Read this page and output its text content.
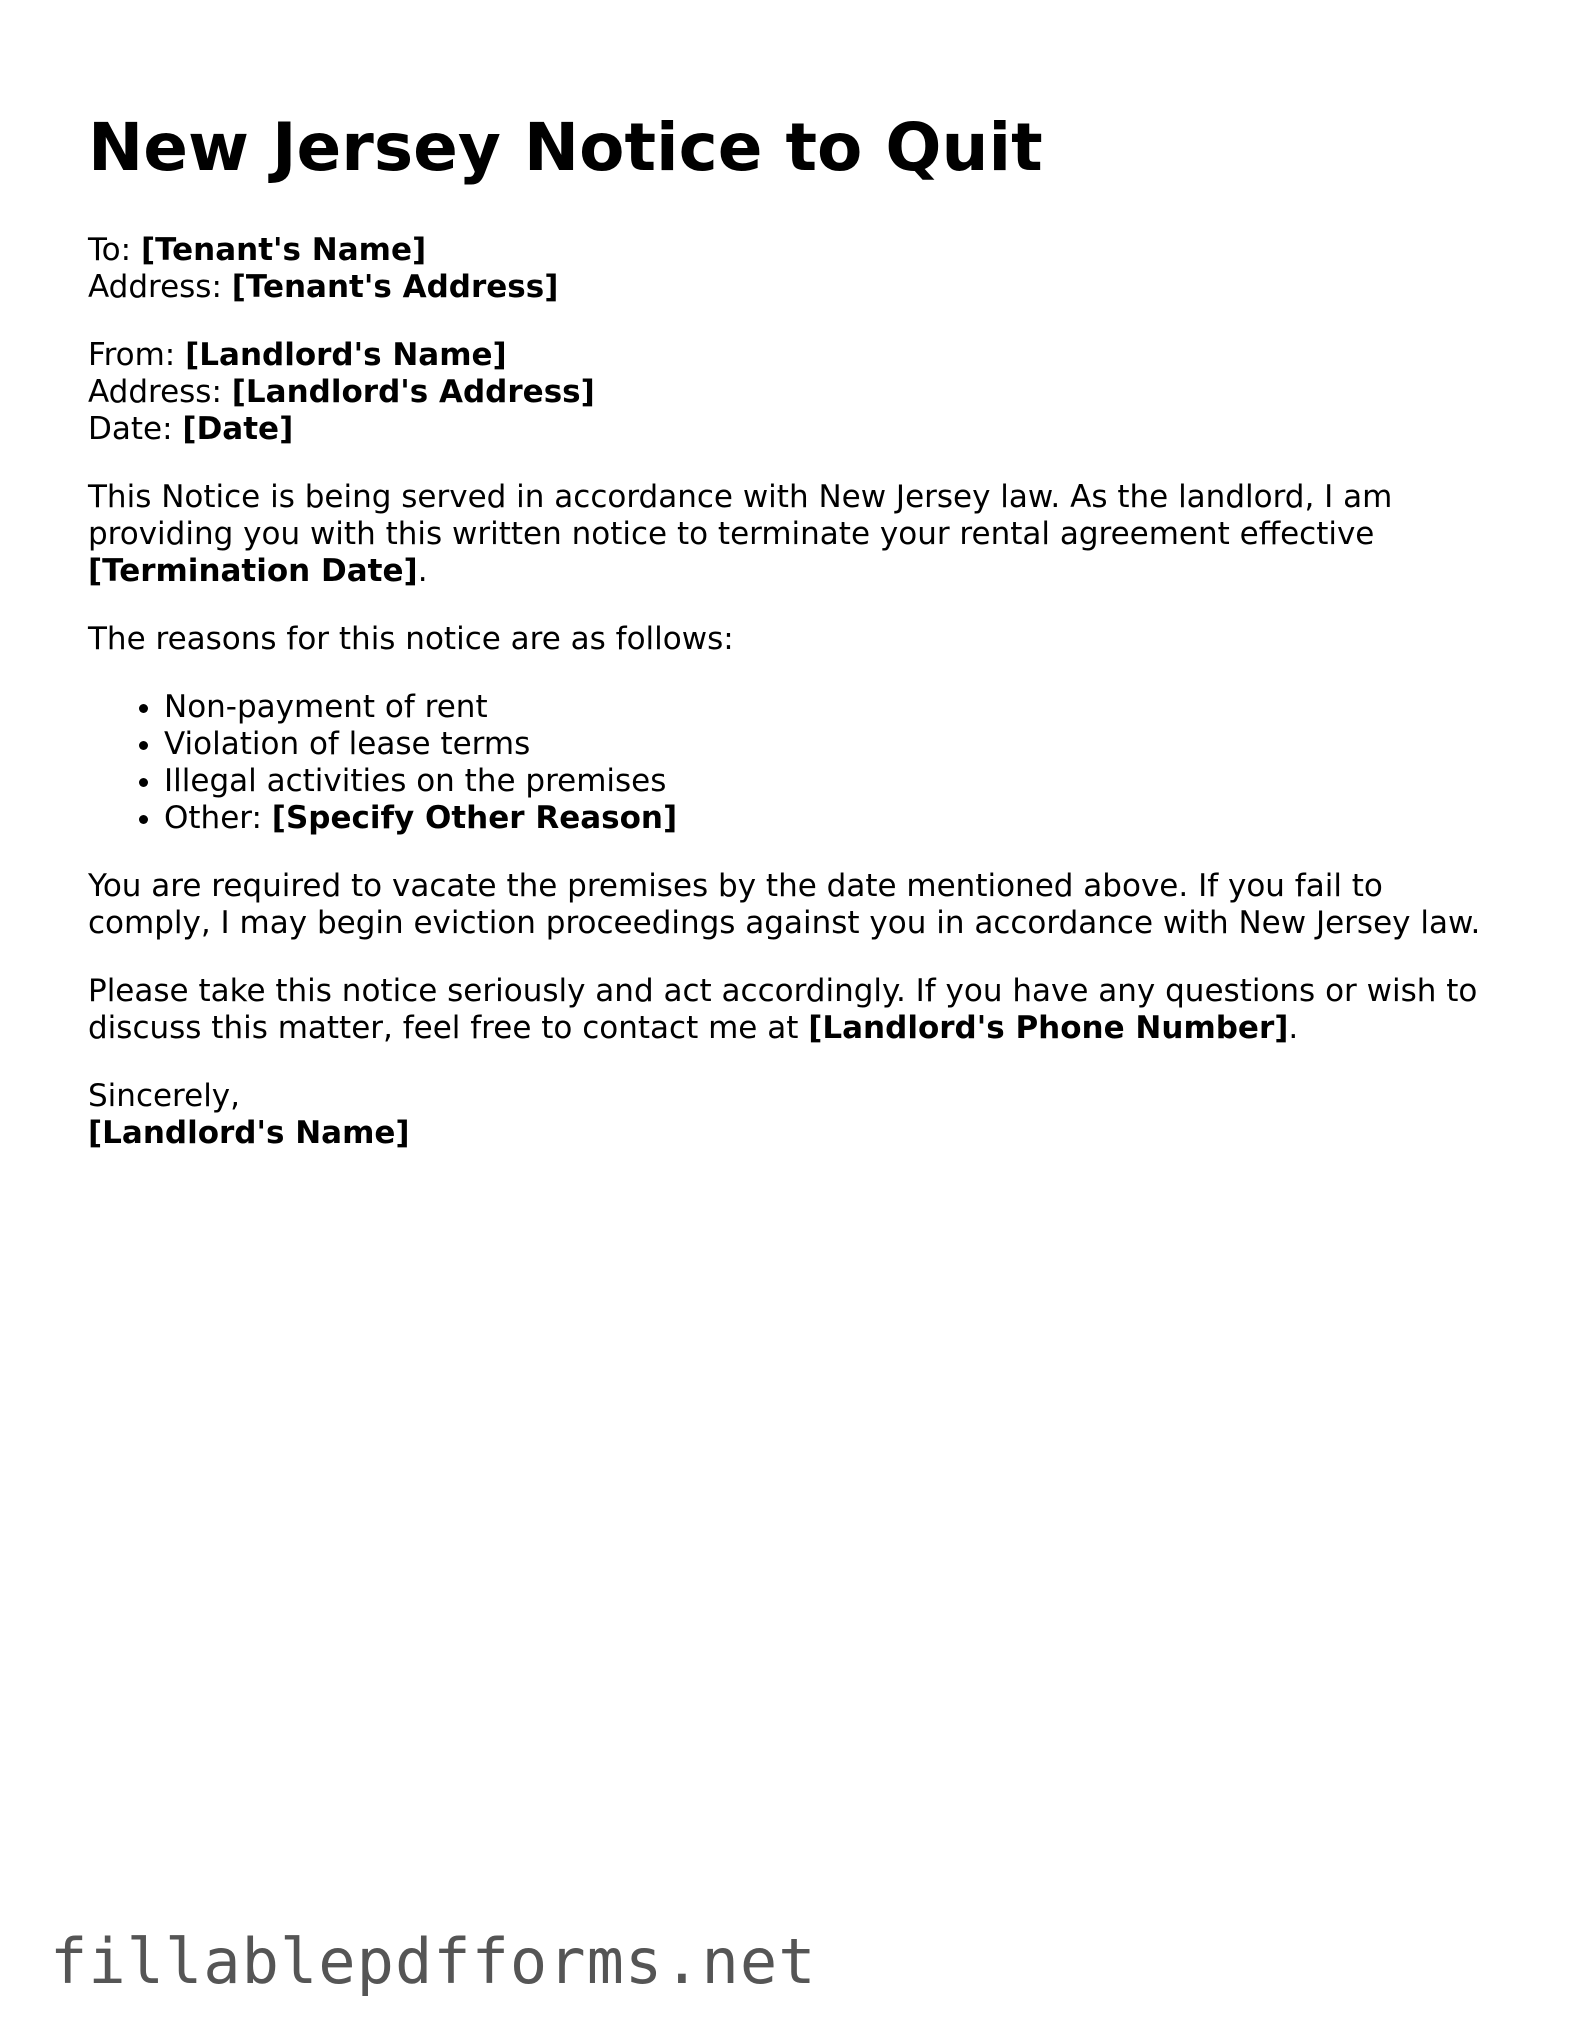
New Jersey Notice to Quit
To: [Tenant's Name]
Address: [Tenant's Address]
From: [Landlord's Name]
Address: [Landlord's Address]
Date: [Date]

This Notice is being served in accordance with New Jersey law. As the landlord, I am providing you with this written notice to terminate your rental agreement effective [Termination Date].

The reasons for this notice are as follows:

• Non-payment of rent
• Violation of lease terms
• Illegal activities on the premises
• Other: [Specify Other Reason]

You are required to vacate the premises by the date mentioned above. If you fail to comply, I may begin eviction proceedings against you in accordance with New Jersey law.

Please take this notice seriously and act accordingly. If you have any questions or wish to discuss this matter, feel free to contact me at [Landlord's Phone Number].

Sincerely,
[Landlord's Name]
fillablepdfforms.net
